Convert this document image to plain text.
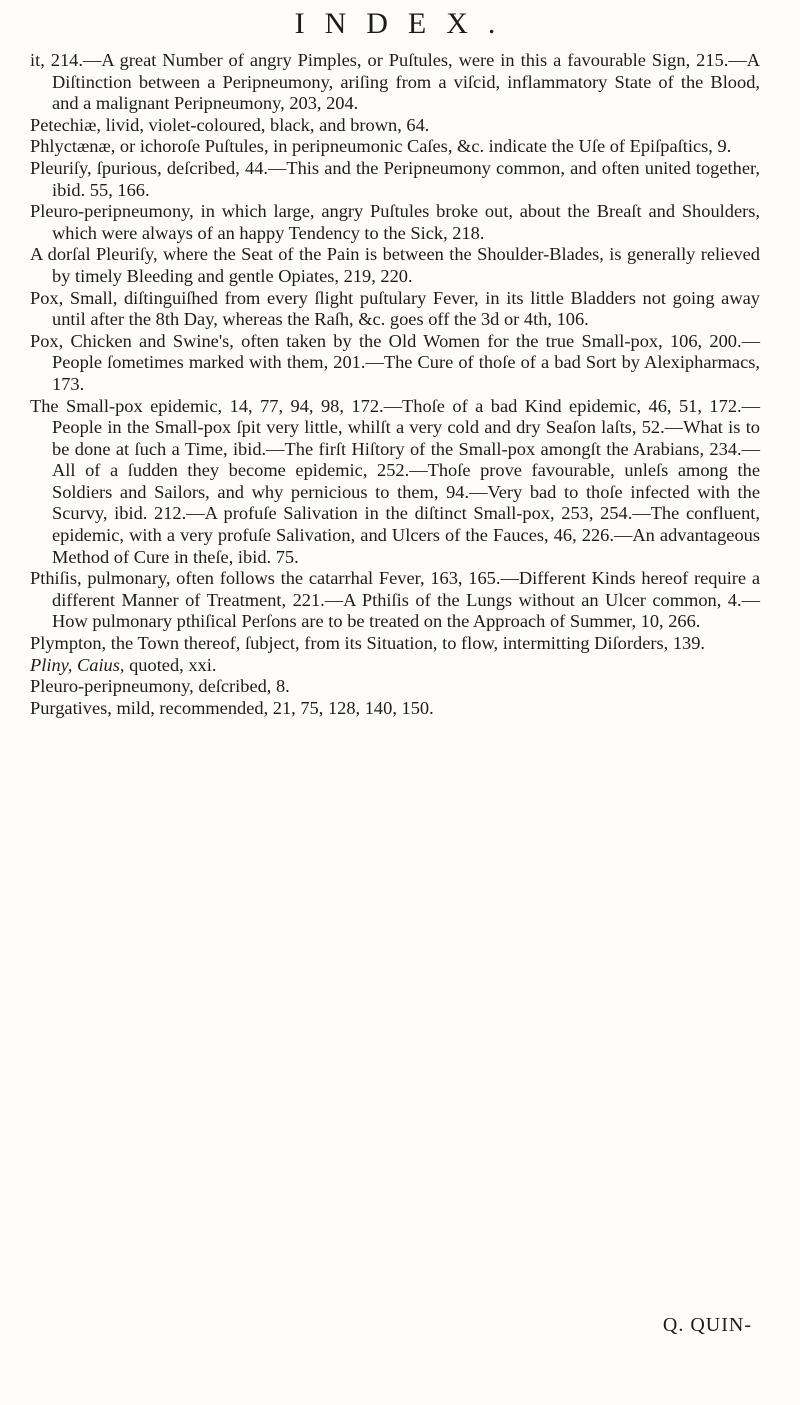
INDEX.

it, 214.—A great Number of angry Pimples, or Puſtules, were in this a favourable Sign, 215.—A Diſtinction between a Peripneumony, ariſing from a viſcid, inflammatory State of the Blood, and a malignant Peripneumony, 203, 204.

Petechiæ, livid, violet-coloured, black, and brown, 64.

Phlyctænæ, or ichoroſe Puſtules, in peripneumonic Caſes, &c. indicate the Uſe of Epiſpaſtics, 9.

Pleuriſy, ſpurious, deſcribed, 44.—This and the Peripneumony common, and often united together, ibid. 55, 166.

Pleuro-peripneumony, in which large, angry Puſtules broke out, about the Breaſt and Shoulders, which were always of an happy Tendency to the Sick, 218.

A dorſal Pleuriſy, where the Seat of the Pain is between the Shoulder-Blades, is generally relieved by timely Bleeding and gentle Opiates, 219, 220.

Pox, Small, diſtinguiſhed from every ſlight puſtulary Fever, in its little Bladders not going away until after the 8th Day, whereas the Raſh, &c. goes off the 3d or 4th, 106.

Pox, Chicken and Swine's, often taken by the Old Women for the true Small-pox, 106, 200.—People ſometimes marked with them, 201.—The Cure of thoſe of a bad Sort by Alexipharmacs, 173.

The Small-pox epidemic, 14, 77, 94, 98, 172.—Thoſe of a bad Kind epidemic, 46, 51, 172.—People in the Small-pox ſpit very little, whilſt a very cold and dry Seaſon laſts, 52.—What is to be done at ſuch a Time, ibid.—The firſt Hiſtory of the Small-pox amongſt the Arabians, 234.—All of a ſudden they become epidemic, 252.—Thoſe prove favourable, unleſs among the Soldiers and Sailors, and why pernicious to them, 94.—Very bad to thoſe infected with the Scurvy, ibid. 212.—A profuſe Salivation in the diſtinct Small-pox, 253, 254.—The confluent, epidemic, with a very profuſe Salivation, and Ulcers of the Fauces, 46, 226.—An advantageous Method of Cure in theſe, ibid. 75.

Pthiſis, pulmonary, often follows the catarrhal Fever, 163, 165.—Different Kinds hereof require a different Manner of Treatment, 221.—A Pthiſis of the Lungs without an Ulcer common, 4.—How pulmonary pthiſical Perſons are to be treated on the Approach of Summer, 10, 266.

Plympton, the Town thereof, ſubject, from its Situation, to flow, intermitting Diſorders, 139.

Pliny, Caius, quoted, xxi.

Pleuro-peripneumony, deſcribed, 8.

Purgatives, mild, recommended, 21, 75, 128, 140, 150.

Q. QUIN-
